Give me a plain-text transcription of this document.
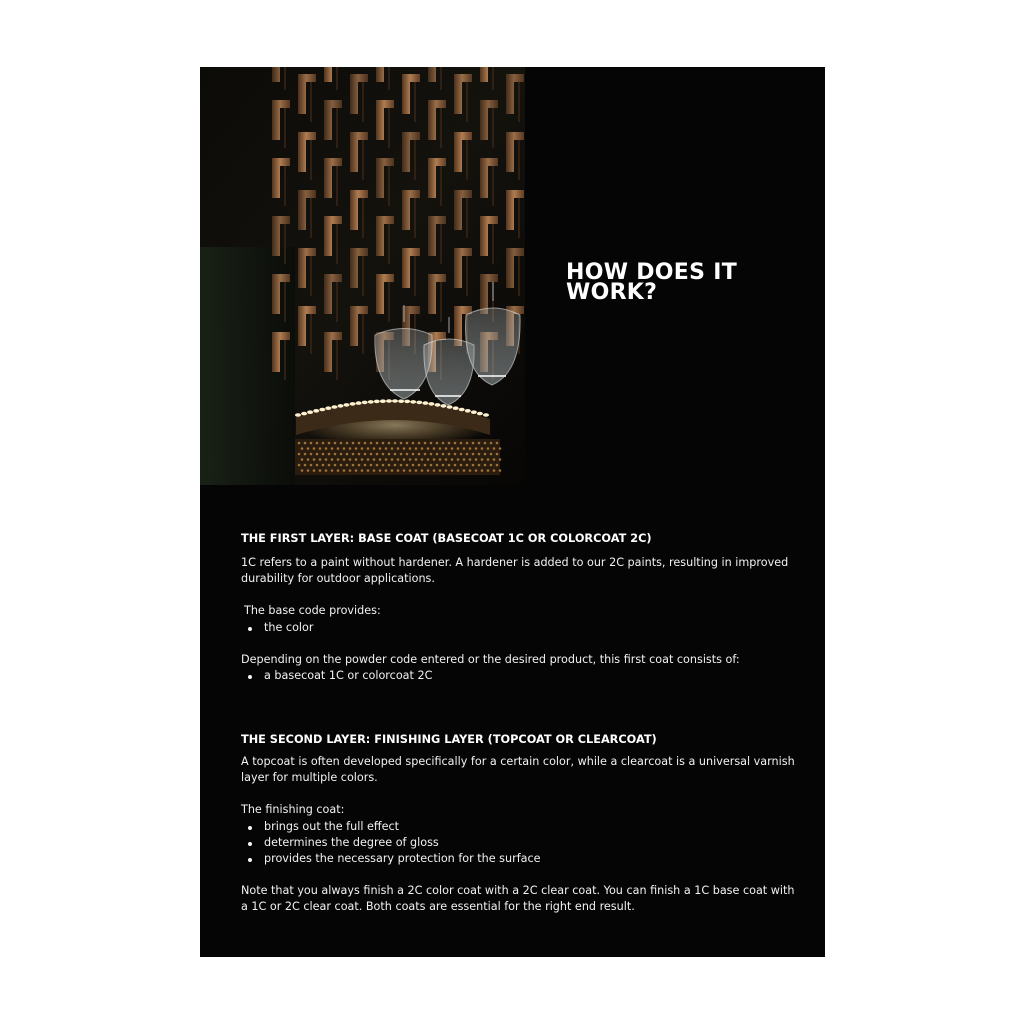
HOW DOES IT WORK?

THE FIRST LAYER: BASE COAT (BASECOAT 1C OR COLORCOAT 2C)

1C refers to a paint without hardener. A hardener is added to our 2C paints, resulting in improved durability for outdoor applications.

The base code provides:

the color

Depending on the powder code entered or the desired product, this first coat consists of:

a basecoat 1C or colorcoat 2C

THE SECOND LAYER: FINISHING LAYER (TOPCOAT OR CLEARCOAT)

A topcoat is often developed specifically for a certain color, while a clearcoat is a universal varnish layer for multiple colors.

The finishing coat:

brings out the full effect
determines the degree of gloss
provides the necessary protection for the surface

Note that you always finish a 2C color coat with a 2C clear coat. You can finish a 1C base coat with a 1C or 2C clear coat. Both coats are essential for the right end result.
